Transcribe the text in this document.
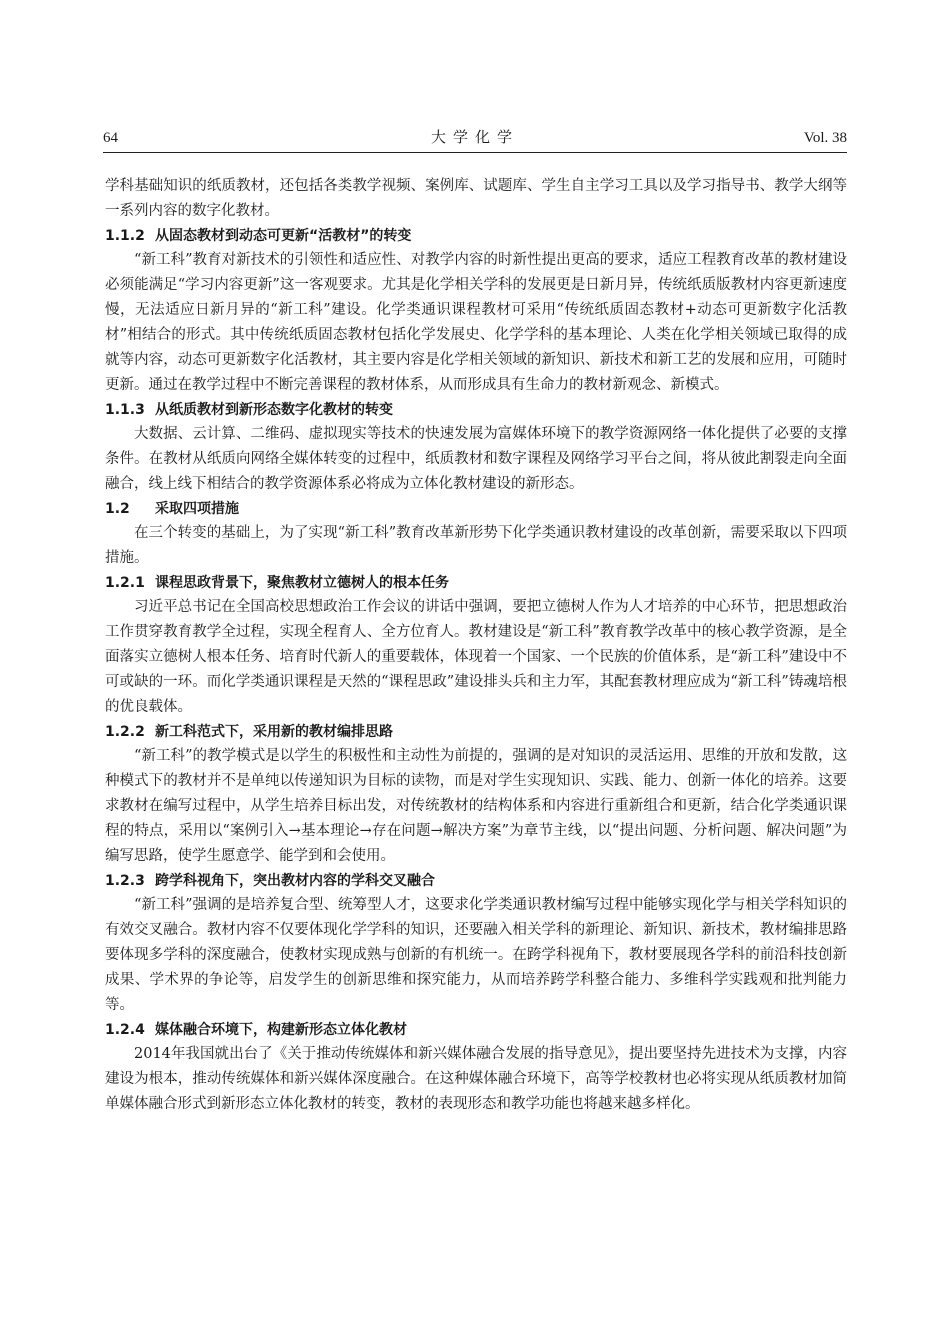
64	大学化学	Vol. 38

学科基础知识的纸质教材，还包括各类教学视频、案例库、试题库、学生自主学习工具以及学习指导书、教学大纲等一系列内容的数字化教材。

1.1.2 从固态教材到动态可更新“活教材”的转变

“新工科”教育对新技术的引领性和适应性、对教学内容的时新性提出更高的要求，适应工程教育改革的教材建设必须能满足“学习内容更新”这一客观要求。尤其是化学相关学科的发展更是日新月异，传统纸质版教材内容更新速度慢，无法适应日新月异的“新工科”建设。化学类通识课程教材可采用“传统纸质固态教材+动态可更新数字化活教材”相结合的形式。其中传统纸质固态教材包括化学发展史、化学学科的基本理论、人类在化学相关领域已取得的成就等内容，动态可更新数字化活教材，其主要内容是化学相关领域的新知识、新技术和新工艺的发展和应用，可随时更新。通过在教学过程中不断完善课程的教材体系，从而形成具有生命力的教材新观念、新模式。

1.1.3 从纸质教材到新形态数字化教材的转变

大数据、云计算、二维码、虚拟现实等技术的快速发展为富媒体环境下的教学资源网络一体化提供了必要的支撑条件。在教材从纸质向网络全媒体转变的过程中，纸质教材和数字课程及网络学习平台之间，将从彼此割裂走向全面融合，线上线下相结合的教学资源体系必将成为立体化教材建设的新形态。

1.2 采取四项措施

在三个转变的基础上，为了实现“新工科”教育改革新形势下化学类通识教材建设的改革创新，需要采取以下四项措施。

1.2.1 课程思政背景下，聚焦教材立德树人的根本任务

习近平总书记在全国高校思想政治工作会议的讲话中强调，要把立德树人作为人才培养的中心环节，把思想政治工作贯穿教育教学全过程，实现全程育人、全方位育人。教材建设是“新工科”教育教学改革中的核心教学资源，是全面落实立德树人根本任务、培育时代新人的重要载体，体现着一个国家、一个民族的价值体系，是“新工科”建设中不可或缺的一环。而化学类通识课程是天然的“课程思政”建设排头兵和主力军，其配套教材理应成为“新工科”铸魂培根的优良载体。

1.2.2 新工科范式下，采用新的教材编排思路

“新工科”的教学模式是以学生的积极性和主动性为前提的，强调的是对知识的灵活运用、思维的开放和发散，这种模式下的教材并不是单纯以传递知识为目标的读物，而是对学生实现知识、实践、能力、创新一体化的培养。这要求教材在编写过程中，从学生培养目标出发，对传统教材的结构体系和内容进行重新组合和更新，结合化学类通识课程的特点，采用以“案例引入→基本理论→存在问题→解决方案”为章节主线，以“提出问题、分析问题、解决问题”为编写思路，使学生愿意学、能学到和会使用。

1.2.3 跨学科视角下，突出教材内容的学科交叉融合

“新工科”强调的是培养复合型、统筹型人才，这要求化学类通识教材编写过程中能够实现化学与相关学科知识的有效交叉融合。教材内容不仅要体现化学学科的知识，还要融入相关学科的新理论、新知识、新技术，教材编排思路要体现多学科的深度融合，使教材实现成熟与创新的有机统一。在跨学科视角下，教材要展现各学科的前沿科技创新成果、学术界的争论等，启发学生的创新思维和探究能力，从而培养跨学科整合能力、多维科学实践观和批判能力等。

1.2.4 媒体融合环境下，构建新形态立体化教材

2014年我国就出台了《关于推动传统媒体和新兴媒体融合发展的指导意见》，提出要坚持先进技术为支撑，内容建设为根本，推动传统媒体和新兴媒体深度融合。在这种媒体融合环境下，高等学校教材也必将实现从纸质教材加简单媒体融合形式到新形态立体化教材的转变，教材的表现形态和教学功能也将越来越多样化。
